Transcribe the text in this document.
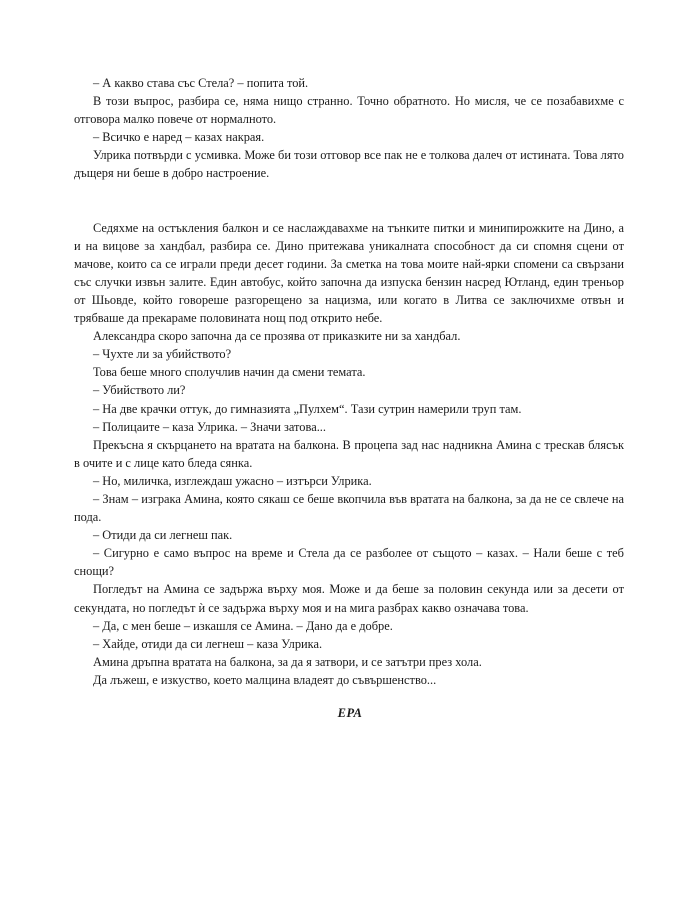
– А какво става със Стела? – попита той.

В този въпрос, разбира се, няма нищо странно. Точно обратното. Но мисля, че се позабавихме с отговора малко повече от нормалното.

– Всичко е наред – казах накрая.

Улрика потвърди с усмивка. Може би този отговор все пак не е толкова далеч от истината. Това лято дъщеря ни беше в добро настроение.

Седяхме на остъкления балкон и се наслаждавахме на тънките питки и минипирожките на Дино, а и на вицове за хандбал, разбира се. Дино притежава уникалната способност да си спомня сцени от мачове, които са се играли преди десет години. За сметка на това моите най-ярки спомени са свързани със случки извън залите. Един автобус, който започна да изпуска бензин насред Ютланд, един треньор от Шьовде, който говореше разгорещено за нацизма, или когато в Литва се заключихме отвън и трябваше да прекараме половината нощ под открито небе.

Александра скоро започна да се прозява от приказките ни за хандбал.

– Чухте ли за убийството?

Това беше много сполучлив начин да смени темата.

– Убийството ли?

– На две крачки оттук, до гимназията „Пулхем“. Тази сутрин намерили труп там.

– Полицаите – каза Улрика. – Значи затова...

Прекъсна я скърцането на вратата на балкона. В процепа зад нас надникна Амина с трескав блясък в очите и с лице като бледа сянка.

– Но, миличка, изглеждаш ужасно – изтърси Улрика.

– Знам – изграка Амина, която сякаш се беше вкопчила във вратата на балкона, за да не се свлече на пода.

– Отиди да си легнеш пак.

– Сигурно е само въпрос на време и Стела да се разболее от същото – казах. – Нали беше с теб снощи?

Погледът на Амина се задържа върху моя. Може и да беше за половин секунда или за десети от секундата, но погледът ѝ се задържа върху моя и на мига разбрах какво означава това.

– Да, с мен беше – изкашля се Амина. – Дано да е добре.

– Хайде, отиди да си легнеш – каза Улрика.

Амина дръпна вратата на балкона, за да я затвори, и се затътри през хола.

Да лъжеш, е изкуство, което малцина владеят до съвършенство...

ЕРА
